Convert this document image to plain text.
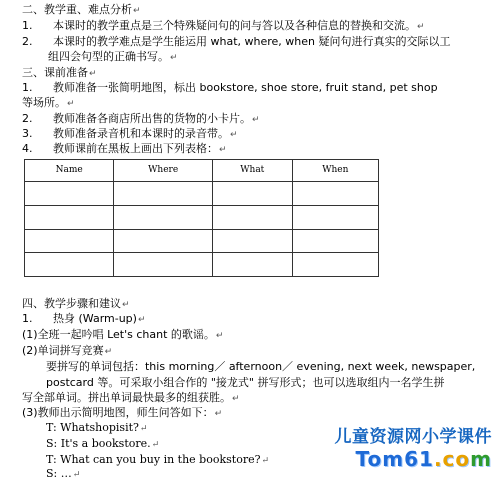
二、教学重、难点分析↵
1. 本课时的教学重点是三个特殊疑问句的问与答以及各种信息的替换和交流。↵
2. 本课时的教学难点是学生能运用 what, where, when 疑问句进行真实的交际以工
组四会句型的正确书写。↵
三、课前准备↵
1. 教师准备一张简明地图，标出 bookstore, shoe store, fruit stand, pet shop
等场所。↵
2. 教师准备各商店所出售的货物的小卡片。↵
3. 教师准备录音机和本课时的录音带。↵
4. 教师课前在黑板上画出下列表格：↵
Name	Where	What	When

四、教学步骤和建议↵
1. 热身 (Warm-up)↵
(1)全班一起吟唱 Let's chant 的歌谣。↵
(2)单词拼写竞赛↵
要拼写的单词包括：this morning／ afternoon／ evening, next week, newspaper,
postcard 等。可采取小组合作的 "接龙式" 拼写形式；也可以选取组内一名学生拼
写全部单词。拼出单词最快最多的组获胜。↵
(3)教师出示简明地图，师生问答如下：↵
T: Whatshopisit?↵
S: It's a bookstore.↵
T: What can you buy in the bookstore?↵
S: …↵
儿童资源网小学课件
Tom61.com
